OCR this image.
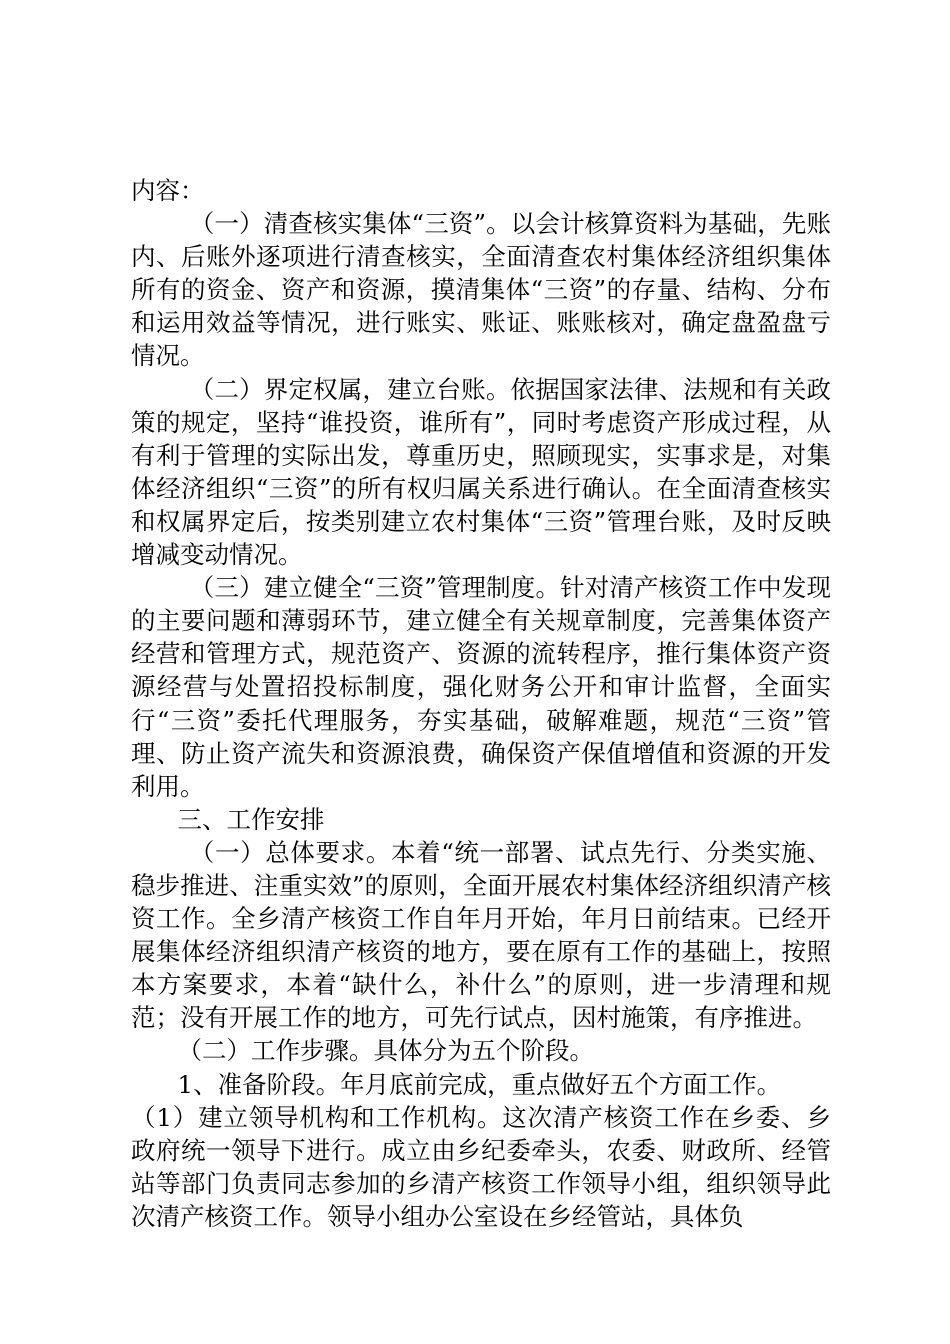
内容：

（一）清查核实集体“三资”。以会计核算资料为基础，先账内、后账外逐项进行清查核实，全面清查农村集体经济组织集体所有的资金、资产和资源，摸清集体“三资”的存量、结构、分布和运用效益等情况，进行账实、账证、账账核对，确定盘盈盘亏情况。

（二）界定权属，建立台账。依据国家法律、法规和有关政策的规定，坚持“谁投资，谁所有”，同时考虑资产形成过程，从有利于管理的实际出发，尊重历史，照顾现实，实事求是，对集体经济组织“三资”的所有权归属关系进行确认。在全面清查核实和权属界定后，按类别建立农村集体“三资”管理台账，及时反映增减变动情况。

（三）建立健全“三资”管理制度。针对清产核资工作中发现的主要问题和薄弱环节，建立健全有关规章制度，完善集体资产经营和管理方式，规范资产、资源的流转程序，推行集体资产资源经营与处置招投标制度，强化财务公开和审计监督，全面实行“三资”委托代理服务，夯实基础，破解难题，规范“三资”管理、防止资产流失和资源浪费，确保资产保值增值和资源的开发利用。

三、工作安排

（一）总体要求。本着“统一部署、试点先行、分类实施、稳步推进、注重实效”的原则，全面开展农村集体经济组织清产核资工作。全乡清产核资工作自年月开始，年月日前结束。已经开展集体经济组织清产核资的地方，要在原有工作的基础上，按照本方案要求，本着“缺什么，补什么”的原则，进一步清理和规范；没有开展工作的地方，可先行试点，因村施策，有序推进。

（二）工作步骤。具体分为五个阶段。

1、准备阶段。年月底前完成，重点做好五个方面工作。

（1）建立领导机构和工作机构。这次清产核资工作在乡委、乡政府统一领导下进行。成立由乡纪委牵头，农委、财政所、经管站等部门负责同志参加的乡清产核资工作领导小组，组织领导此次清产核资工作。领导小组办公室设在乡经管站，具体负
